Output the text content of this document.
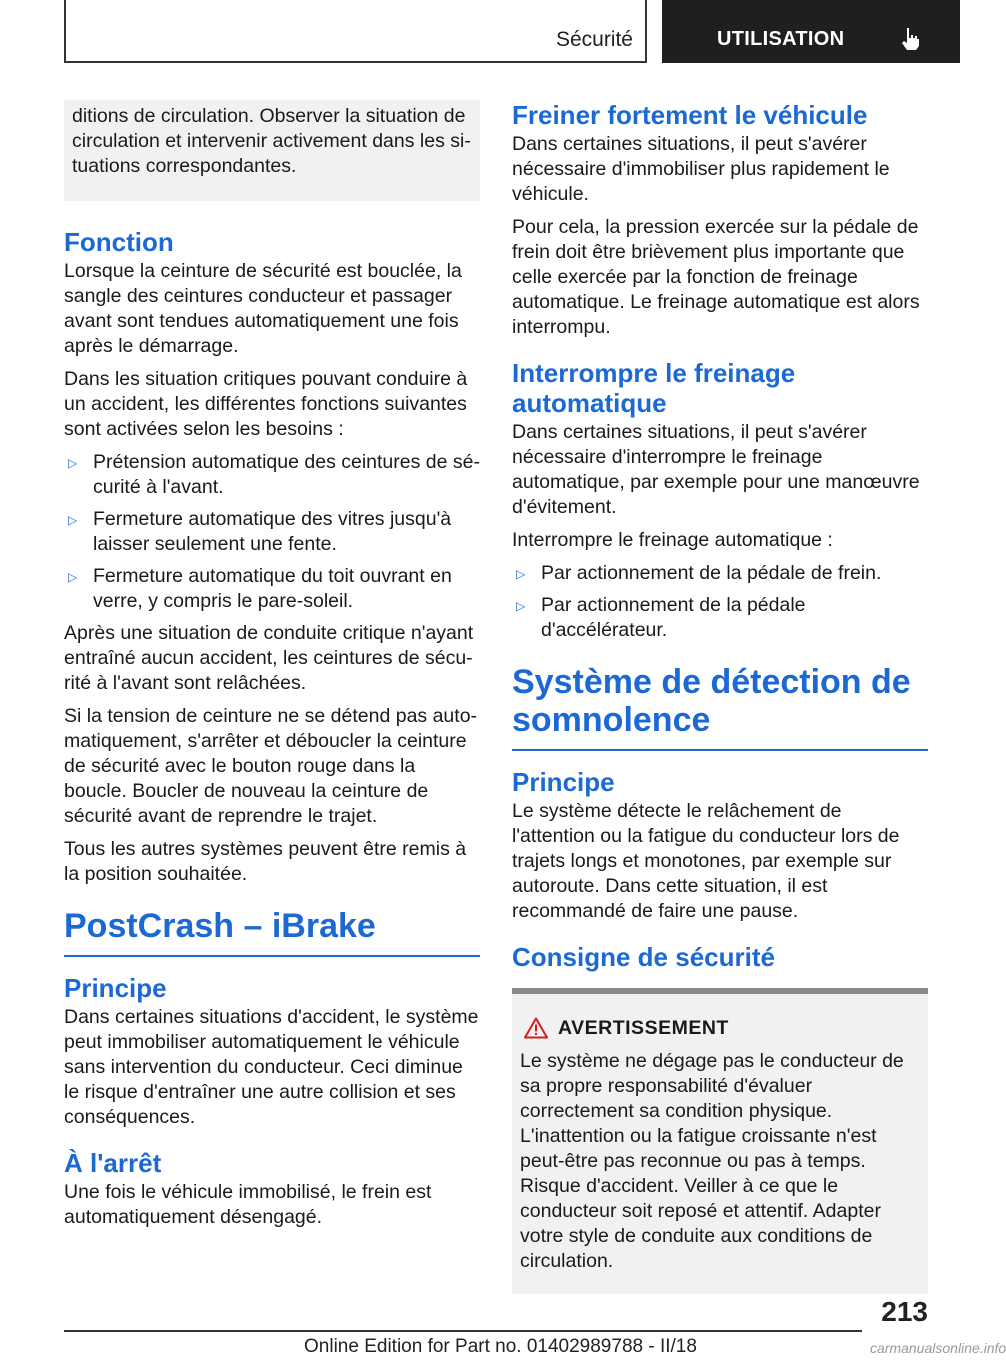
Sécurité	UTILISATION

ditions de circulation. Observer la situation de circulation et intervenir activement dans les situations correspondantes.

Fonction

Lorsque la ceinture de sécurité est bouclée, la sangle des ceintures conducteur et passager avant sont tendues automatiquement une fois après le démarrage.

Dans les situation critiques pouvant conduire à un accident, les différentes fonctions suivantes sont activées selon les besoins :

▷ Prétension automatique des ceintures de sécurité à l'avant.
▷ Fermeture automatique des vitres jusqu'à laisser seulement une fente.
▷ Fermeture automatique du toit ouvrant en verre, y compris le pare-soleil.

Après une situation de conduite critique n'ayant entraîné aucun accident, les ceintures de sécurité à l'avant sont relâchées.

Si la tension de ceinture ne se détend pas automatiquement, s'arrêter et déboucler la ceinture de sécurité avec le bouton rouge dans la boucle. Boucler de nouveau la ceinture de sécurité avant de reprendre le trajet.

Tous les autres systèmes peuvent être remis à la position souhaitée.

PostCrash – iBrake
Principe

Dans certaines situations d'accident, le système peut immobiliser automatiquement le véhicule sans intervention du conducteur. Ceci diminue le risque d'entraîner une autre collision et ses conséquences.

À l'arrêt

Une fois le véhicule immobilisé, le frein est automatiquement désengagé.

Freiner fortement le véhicule

Dans certaines situations, il peut s'avérer nécessaire d'immobiliser plus rapidement le véhicule.

Pour cela, la pression exercée sur la pédale de frein doit être brièvement plus importante que celle exercée par la fonction de freinage automatique. Le freinage automatique est alors interrompu.

Interrompre le freinage automatique

Dans certaines situations, il peut s'avérer nécessaire d'interrompre le freinage automatique, par exemple pour une manœuvre d'évitement.

Interrompre le freinage automatique :

▷ Par actionnement de la pédale de frein.
▷ Par actionnement de la pédale d'accélérateur.
Système de détection de somnolence
Principe

Le système détecte le relâchement de l'attention ou la fatigue du conducteur lors de trajets longs et monotones, par exemple sur autoroute. Dans cette situation, il est recommandé de faire une pause.

Consigne de sécurité
AVERTISSEMENT

Le système ne dégage pas le conducteur de sa propre responsabilité d'évaluer correctement sa condition physique. L'inattention ou la fatigue croissante n'est peut-être pas reconnue ou pas à temps. Risque d'accident. Veiller à ce que le conducteur soit reposé et attentif. Adapter votre style de conduite aux conditions de circulation.

213
Online Edition for Part no. 01402989788 - II/18	carmanualsonline.info
